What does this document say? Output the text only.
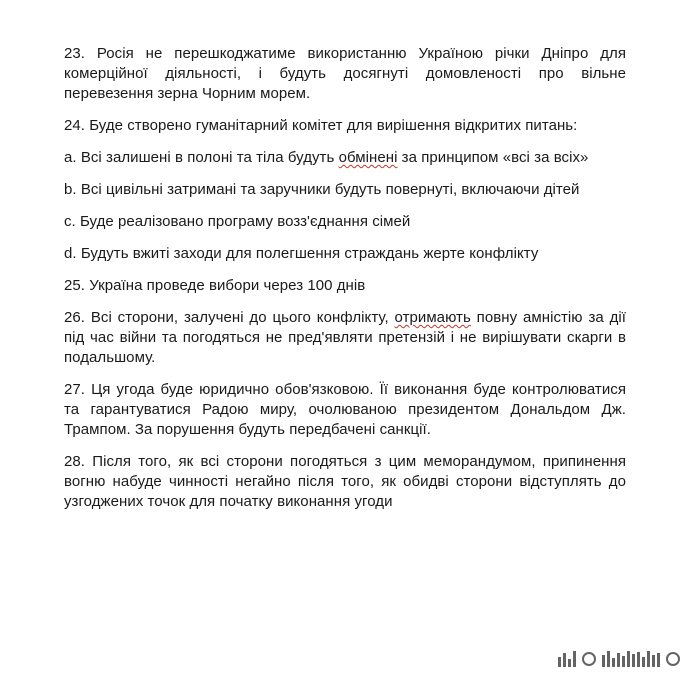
23. Росія не перешкоджатиме використанню Україною річки Дніпро для комерційної діяльності, і будуть досягнуті домовленості про вільне перевезення зерна Чорним морем.

24. Буде створено гуманітарний комітет для вирішення відкритих питань:

a. Всі залишені в полоні та тіла будуть обмінені за принципом «всі за всіх»

b. Всі цивільні затримані та заручники будуть повернуті, включаючи дітей

c. Буде реалізовано програму возз'єднання сімей

d. Будуть вжиті заходи для полегшення страждань жерте конфлікту

25. Україна проведе вибори через 100 днів

26. Всі сторони, залучені до цього конфлікту, отримають повну амністію за дії під час війни та погодяться не пред'являти претензій і не вирішувати скарги в подальшому.

27. Ця угода буде юридично обов'язковою. Її виконання буде контролюватися та гарантуватися Радою миру, очолюваною президентом Дональдом Дж. Трампом. За порушення будуть передбачені санкції.

28. Після того, як всі сторони погодяться з цим меморандумом, припинення вогню набуде чинності негайно після того, як обидві сторони відступлять до узгоджених точок для початку виконання угоди
